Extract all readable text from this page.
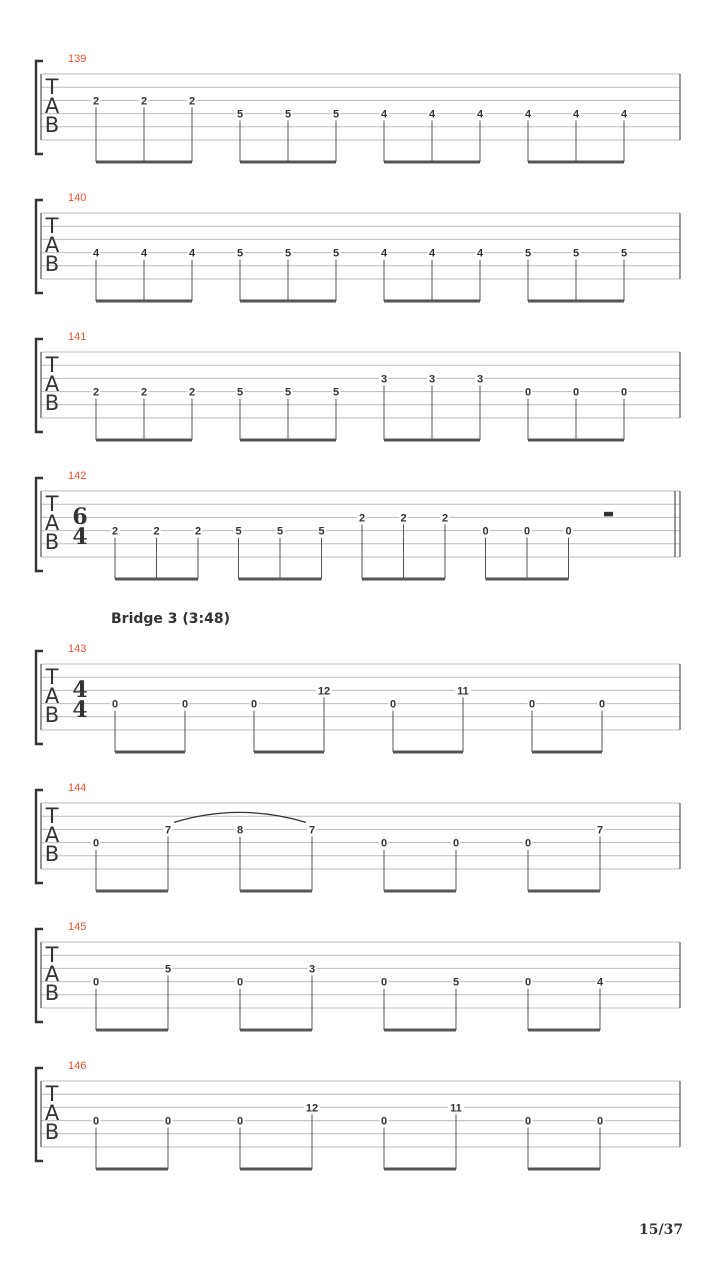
139
T
A
B
2	2	2
5	5	5	4	4	4	4	4	4
140
T
A
B	4	4	4	5	5	5	4	4	4	5	5	5
141
T
A
B	2	2	2	5	5	5
3	3	3
0	0	0
142
T
A
B
6
4 2	2	2	5	5	5
2	2	2
0	0	0
143
T
A
B
4
4 0	0	0
12
0
11
0	0
144
T
A
B	0
7	8	7
0	0	0
7
145
T
A
B	0
5
0
3
0	5	0	4
146
T
A
B	0	0	0
12
0
11
0	0
Bridge 3 (3:48)
15/37
